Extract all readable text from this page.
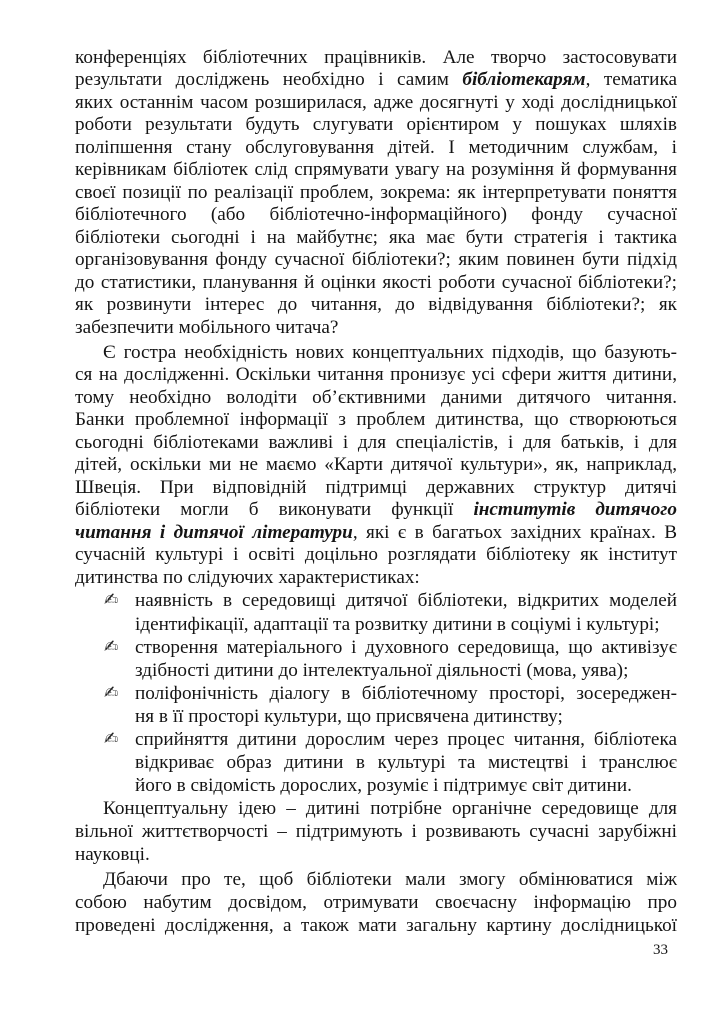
конференціях бібліотечних працівників. Але творчо застосовувати
результати досліджень необхідно і самим бібліотекарям, тематика
яких останнім часом розширилася, адже досягнуті у ході дослідницької
роботи результати будуть слугувати орієнтиром у пошуках шляхів
поліпшення стану обслуговування дітей. І методичним службам, і
керівникам бібліотек слід спрямувати увагу на розуміння й формування
своєї позиції по реалізації проблем, зокрема: як інтерпретувати поняття
бібліотечного (або бібліотечно-інформаційного) фонду сучасної
бібліотеки сьогодні і на майбутнє; яка має бути стратегія і тактика
організовування фонду сучасної бібліотеки?; яким повинен бути підхід
до статистики, планування й оцінки якості роботи сучасної бібліотеки?;
як розвинути інтерес до читання, до відвідування бібліотеки?; як
забезпечити мобільного читача?
Є гостра необхідність нових концептуальних підходів, що базують-
ся на дослідженні. Оскільки читання пронизує усі сфери життя дитини,
тому необхідно володіти об’єктивними даними дитячого читання.
Банки проблемної інформації з проблем дитинства, що створюються
сьогодні бібліотеками важливі і для спеціалістів, і для батьків, і для
дітей, оскільки ми не маємо «Карти дитячої культури», як, наприклад,
Швеція. При відповідній підтримці державних структур дитячі
бібліотеки могли б виконувати функції інститутів дитячого
читання і дитячої літератури, які є в багатьох західних країнах. В
сучасній культурі і освіті доцільно розглядати бібліотеку як інститут
дитинства по слідуючих характеристиках:
✍
наявність в середовищі дитячої бібліотеки, відкритих моделей
ідентифікації, адаптації та розвитку дитини в соціумі і культурі;
✍
створення матеріального і духовного середовища, що активізує
здібності дитини до інтелектуальної діяльності (мова, уява);
✍
поліфонічність діалогу в бібліотечному просторі, зосереджен-
ня в її просторі культури, що присвячена дитинству;
✍
сприйняття дитини дорослим через процес читання, бібліотека
відкриває образ дитини в культурі та мистецтві і транслює
його в свідомість дорослих, розуміє і підтримує світ дитини.
Концептуальну ідею – дитині потрібне органічне середовище для
вільної життєтворчості – підтримують і розвивають сучасні зарубіжні
науковці.
Дбаючи про те, щоб бібліотеки мали змогу обмінюватися між
собою набутим досвідом, отримувати своєчасну інформацію про
проведені дослідження, а також мати загальну картину дослідницької
33
